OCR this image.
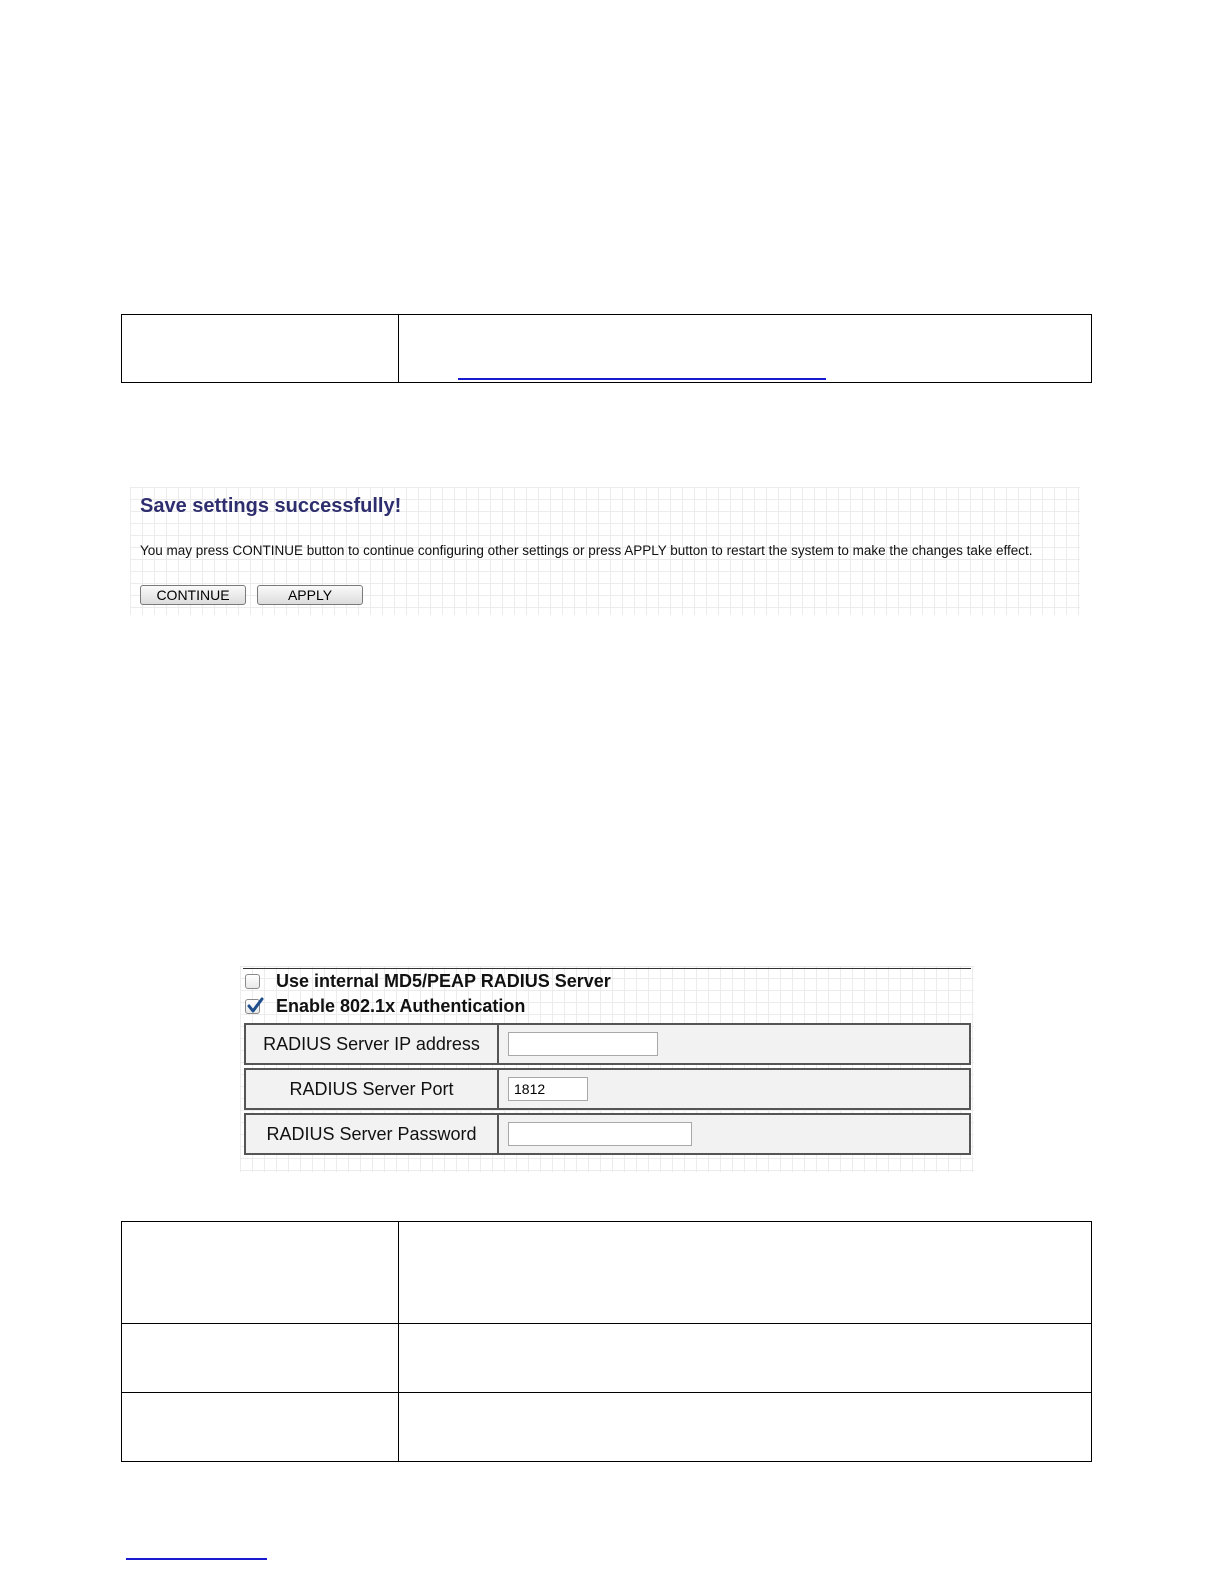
Save settings successfully!
You may press CONTINUE button to continue configuring other settings or press APPLY button to restart the system to make the changes take effect.
CONTINUE	APPLY
Use internal MD5/PEAP RADIUS Server
Enable 802.1x Authentication
RADIUS Server IP address	
RADIUS Server Port	1812
RADIUS Server Password	
